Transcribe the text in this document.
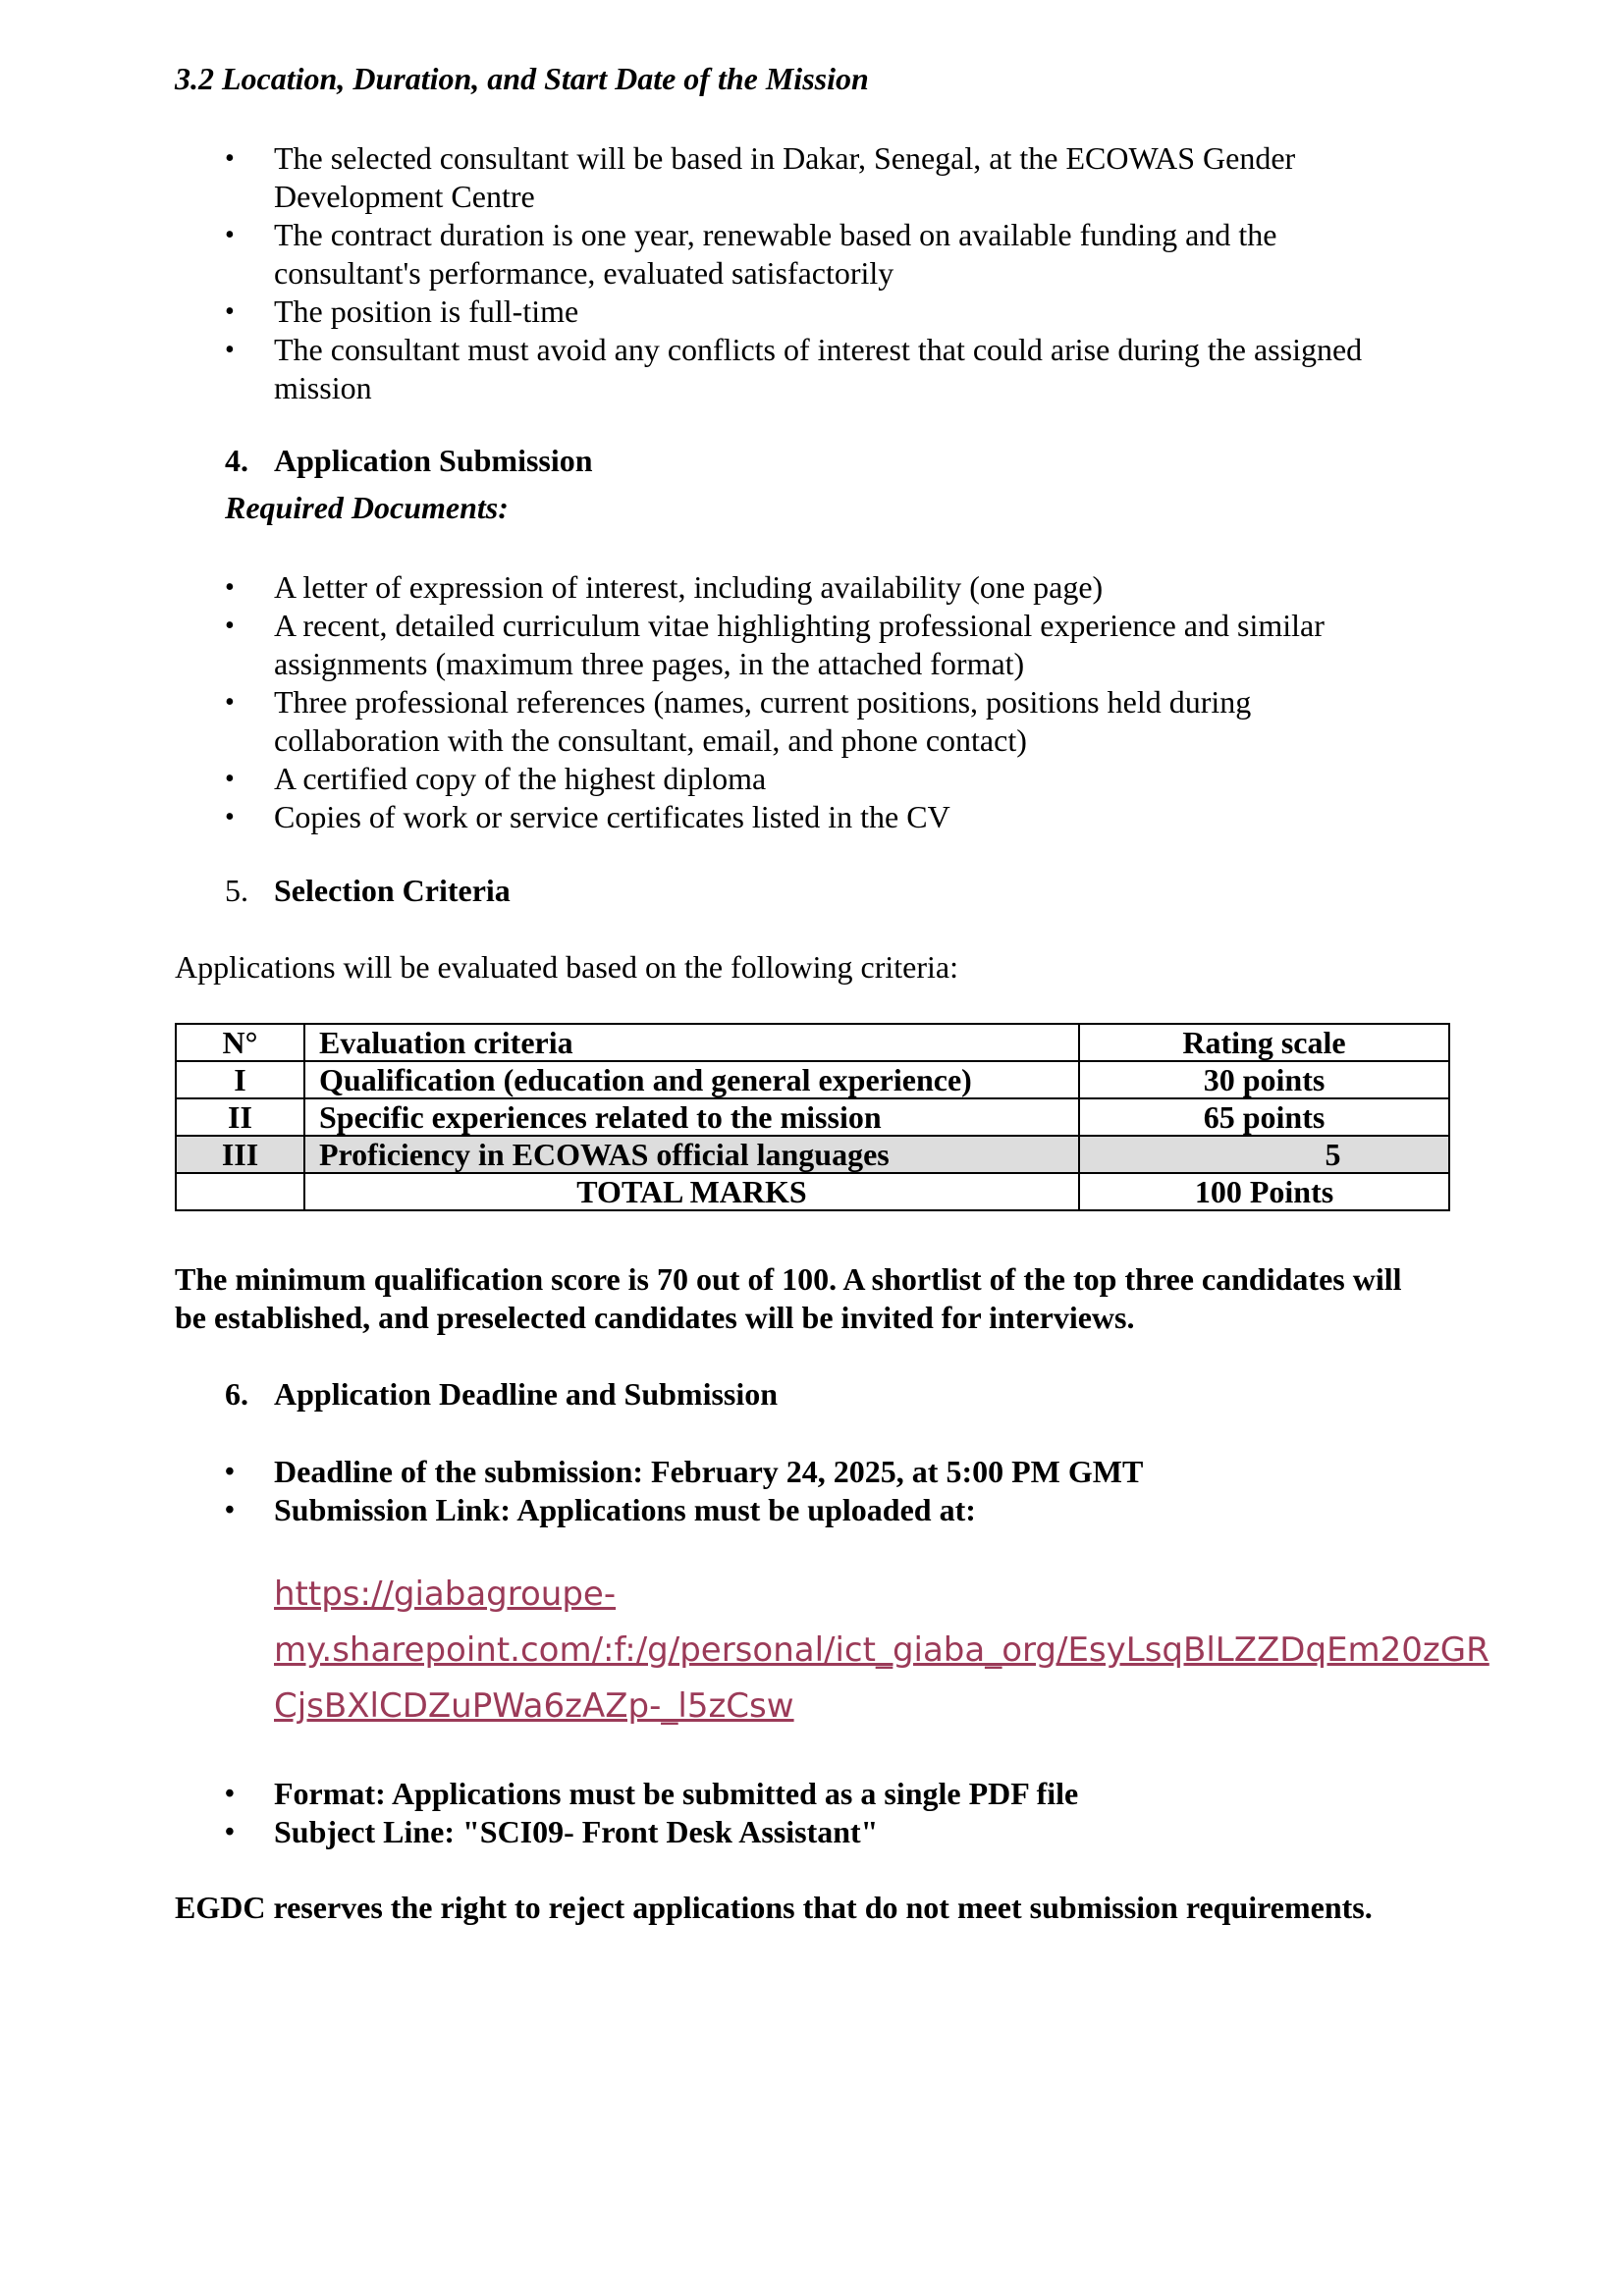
3.2 Location, Duration, and Start Date of the Mission
• The selected consultant will be based in Dakar, Senegal, at the ECOWAS Gender
Development Centre
• The contract duration is one year, renewable based on available funding and the
consultant's performance, evaluated satisfactorily
• The position is full-time
• The consultant must avoid any conflicts of interest that could arise during the assigned
mission
4. Application Submission
Required Documents:
• A letter of expression of interest, including availability (one page)
• A recent, detailed curriculum vitae highlighting professional experience and similar
assignments (maximum three pages, in the attached format)
• Three professional references (names, current positions, positions held during
collaboration with the consultant, email, and phone contact)
• A certified copy of the highest diploma
• Copies of work or service certificates listed in the CV
5. Selection Criteria
Applications will be evaluated based on the following criteria:
N°	Evaluation criteria	Rating scale
I	Qualification (education and general experience)	30 points
II	Specific experiences related to the mission	65 points
III	Proficiency in ECOWAS official languages	5
	TOTAL MARKS	100 Points
The minimum qualification score is 70 out of 100. A shortlist of the top three candidates will
be established, and preselected candidates will be invited for interviews.
6. Application Deadline and Submission
• Deadline of the submission: February 24, 2025, at 5:00 PM GMT
• Submission Link: Applications must be uploaded at:
https://giabagroupe-
my.sharepoint.com/:f:/g/personal/ict_giaba_org/EsyLsqBlLZZDqEm20zGR
CjsBXlCDZuPWa6zAZp-_l5zCsw
• Format: Applications must be submitted as a single PDF file
• Subject Line: "SCI09- Front Desk Assistant"
EGDC reserves the right to reject applications that do not meet submission requirements.
